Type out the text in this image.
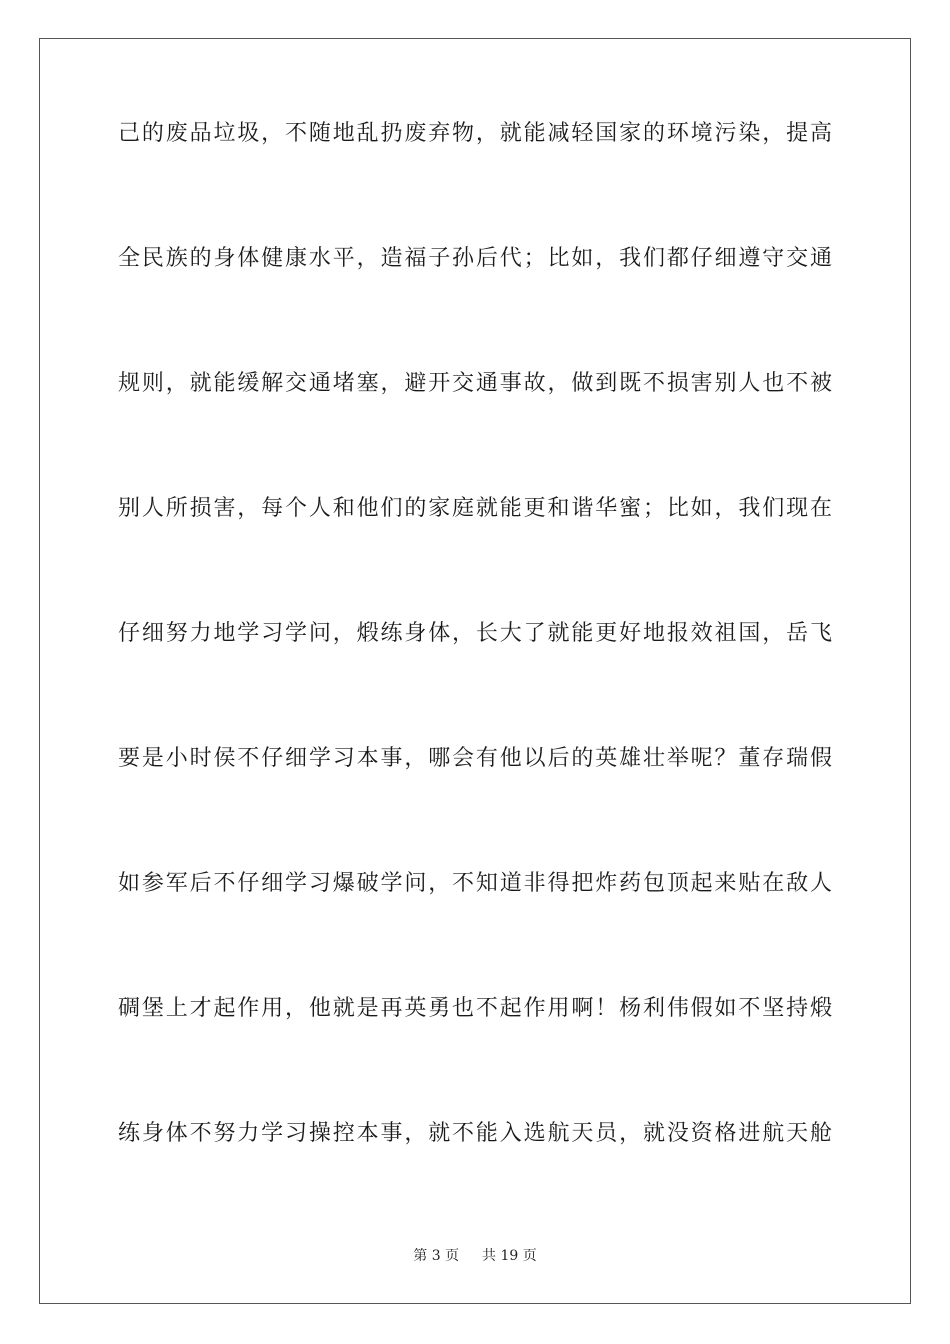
己的废品垃圾，不随地乱扔废弃物，就能减轻国家的环境污染，提高
全民族的身体健康水平，造福子孙后代；比如，我们都仔细遵守交通
规则，就能缓解交通堵塞，避开交通事故，做到既不损害别人也不被
别人所损害，每个人和他们的家庭就能更和谐华蜜；比如，我们现在
仔细努力地学习学问，煅练身体，长大了就能更好地报效祖国，岳飞
要是小时侯不仔细学习本事，哪会有他以后的英雄壮举呢？董存瑞假
如参军后不仔细学习爆破学问，不知道非得把炸药包顶起来贴在敌人
碉堡上才起作用，他就是再英勇也不起作用啊！杨利伟假如不坚持煅
练身体不努力学习操控本事，就不能入选航天员，就没资格进航天舱
第 3 页 共 19 页
